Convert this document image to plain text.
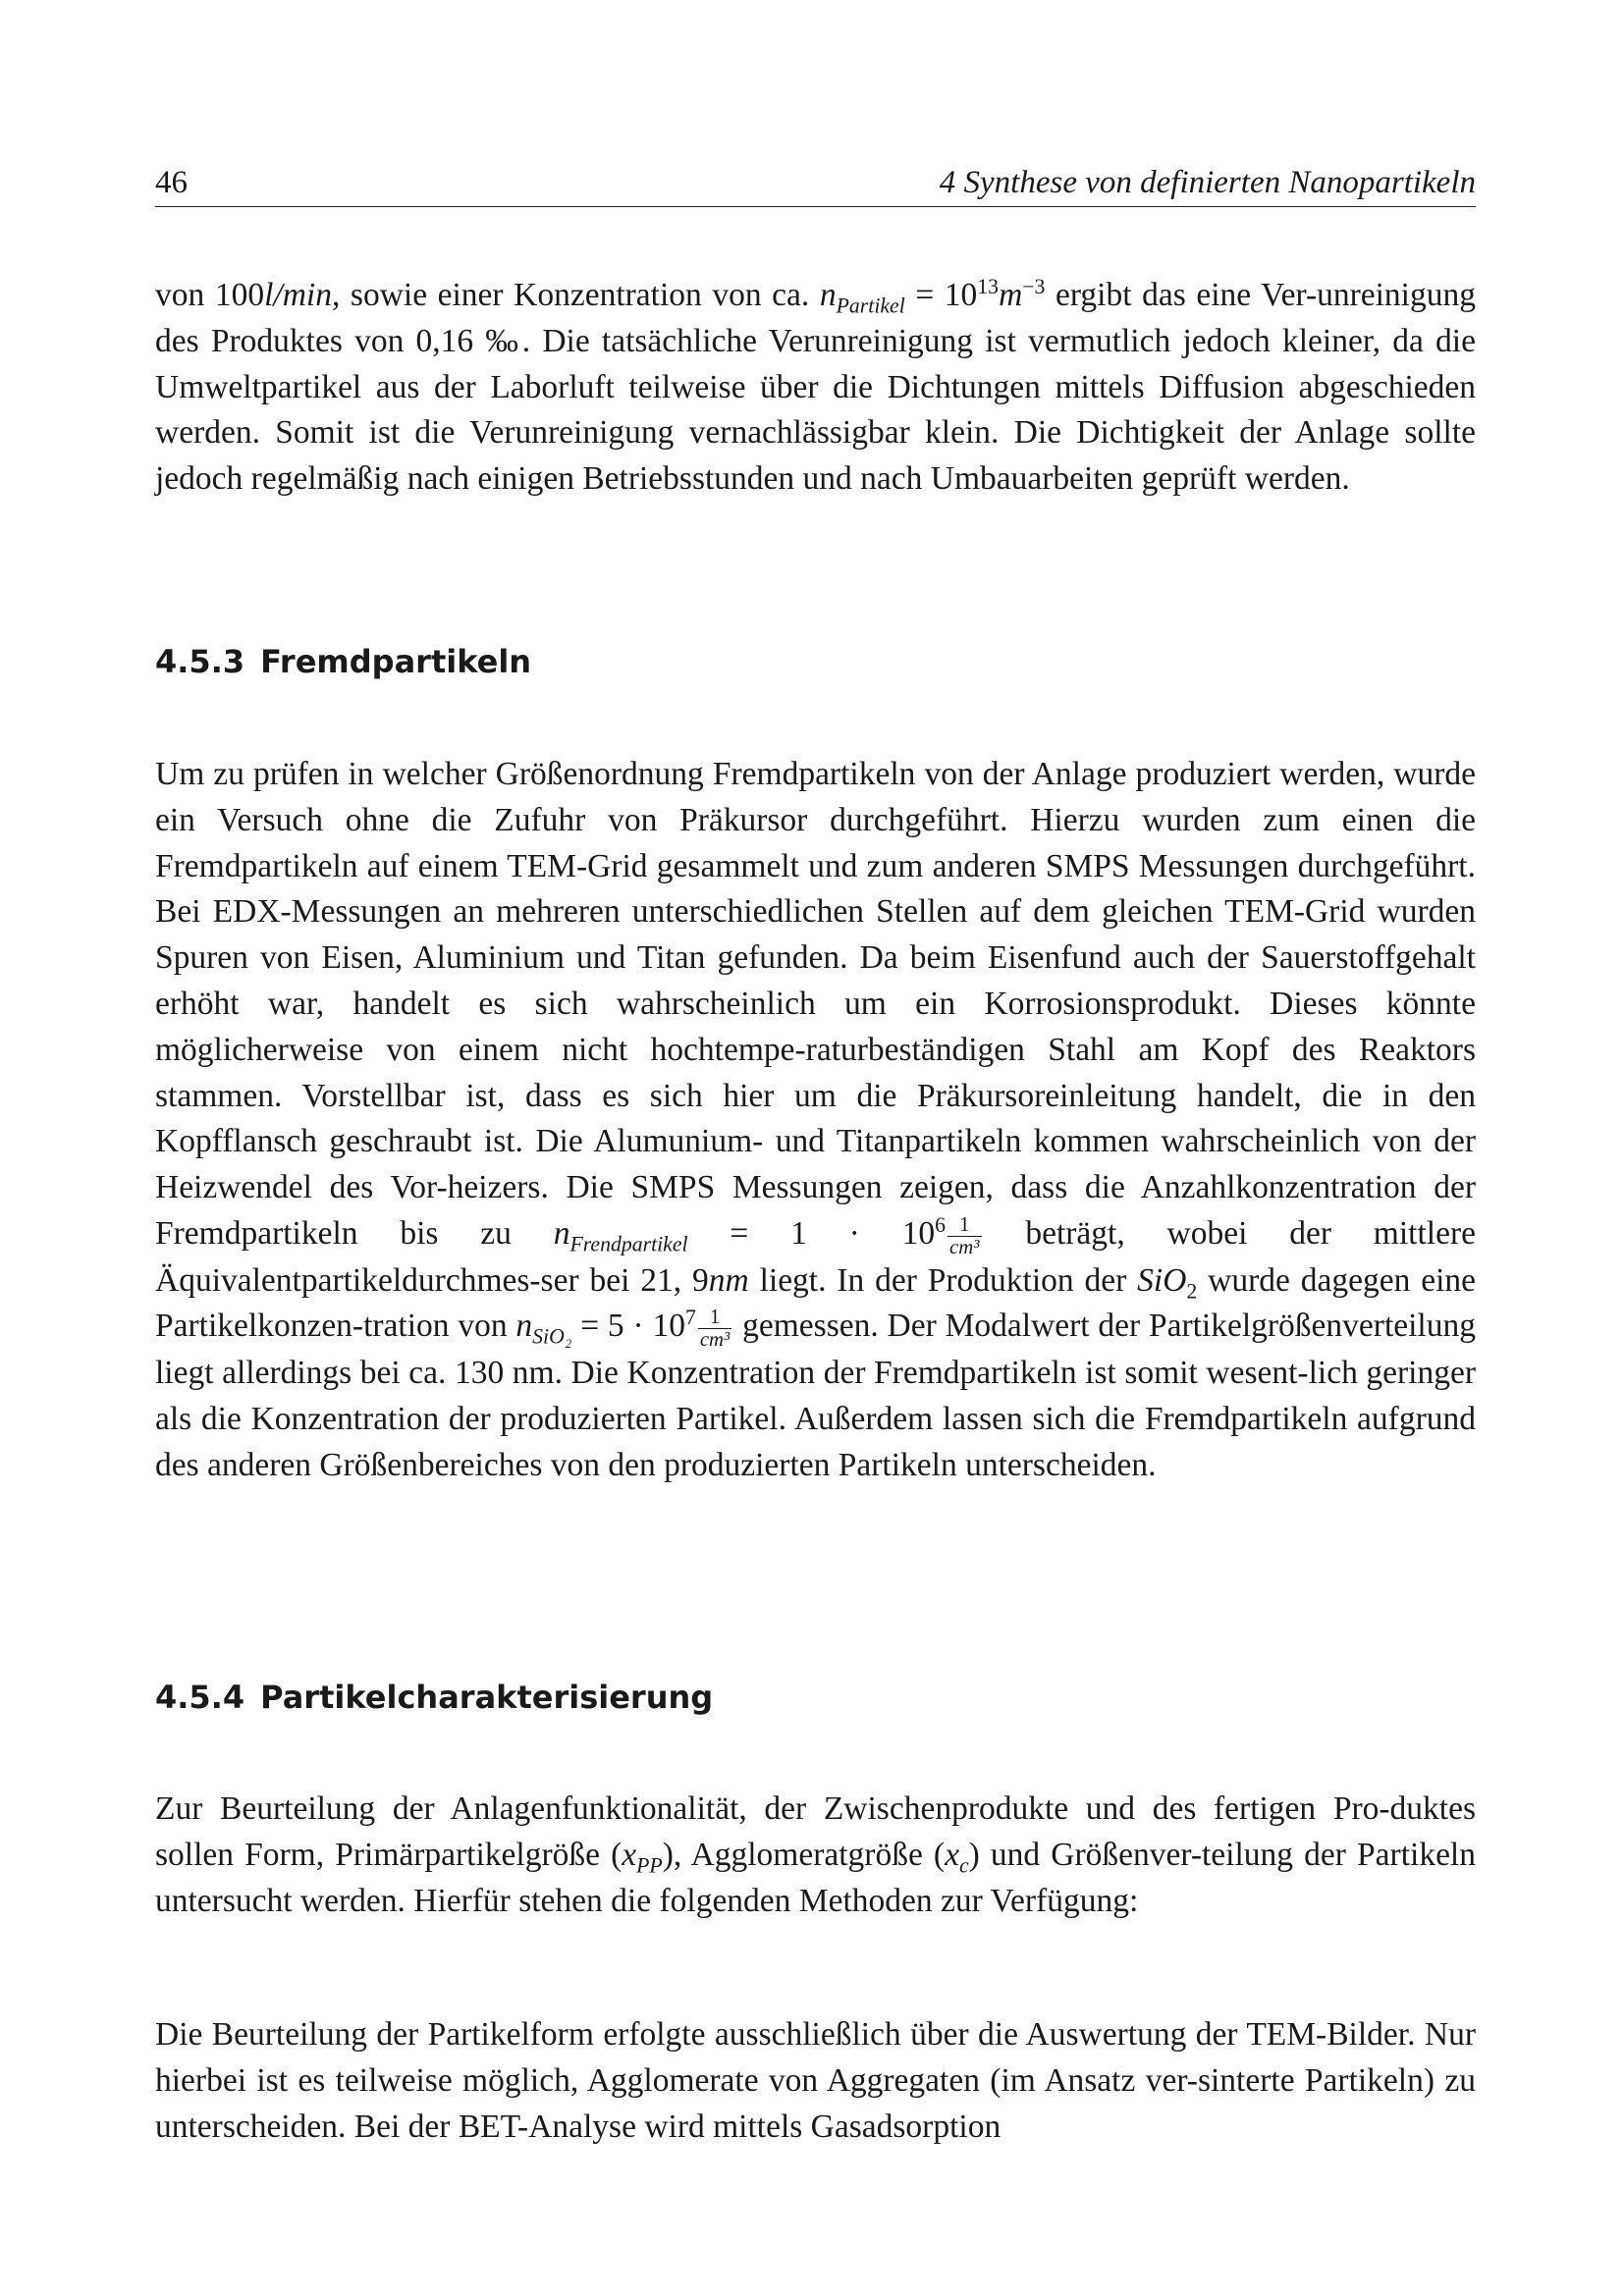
46	4 Synthese von definierten Nanopartikeln

von 100l/min, sowie einer Konzentration von ca. $n_{Partikel} = 10^{13}m^{-3}$ ergibt das eine Ver-unreinigung des Produktes von 0,16 ‰. Die tatsächliche Verunreinigung ist vermutlich jedoch kleiner, da die Umweltpartikel aus der Laborluft teilweise über die Dichtungen mittels Diffusion abgeschieden werden. Somit ist die Verunreinigung vernachlässigbar klein. Die Dichtigkeit der Anlage sollte jedoch regelmäßig nach einigen Betriebsstunden und nach Umbauarbeiten geprüft werden.

4.5.3 Fremdpartikeln

Um zu prüfen in welcher Größenordnung Fremdpartikeln von der Anlage produziert werden, wurde ein Versuch ohne die Zufuhr von Präkursor durchgeführt. Hierzu wurden zum einen die Fremdpartikeln auf einem TEM-Grid gesammelt und zum anderen SMPS Messungen durchgeführt. Bei EDX-Messungen an mehreren unterschiedlichen Stellen auf dem gleichen TEM-Grid wurden Spuren von Eisen, Aluminium und Titan gefunden. Da beim Eisenfund auch der Sauerstoffgehalt erhöht war, handelt es sich wahrscheinlich um ein Korrosionsprodukt. Dieses könnte möglicherweise von einem nicht hochtempe-raturbeständigen Stahl am Kopf des Reaktors stammen. Vorstellbar ist, dass es sich hier um die Präkursoreinleitung handelt, die in den Kopfflansch geschraubt ist. Die Alumunium- und Titanpartikeln kommen wahrscheinlich von der Heizwendel des Vor-heizers. Die SMPS Messungen zeigen, dass die Anzahlkonzentration der Fremdpartikeln bis zu $n_{Frendpartikel} = 1 \cdot 10^6 \frac{1}{\text{cm³}}$ beträgt, wobei der mittlere Äquivalentpartikeldurchmes-ser bei 21, 9nm liegt. In der Produktion der SiO$_2$ wurde dagegen eine Partikelkonzen-tration von $n_{SiO_2} = 5 \cdot 10^7 \frac{1}{\text{cm³}}$ gemessen. Der Modalwert der Partikelgrößenverteilung liegt allerdings bei ca. 130 nm. Die Konzentration der Fremdpartikeln ist somit wesent-lich geringer als die Konzentration der produzierten Partikel. Außerdem lassen sich die Fremdpartikeln aufgrund des anderen Größenbereiches von den produzierten Partikeln unterscheiden.

4.5.4 Partikelcharakterisierung

Zur Beurteilung der Anlagenfunktionalität, der Zwischenprodukte und des fertigen Pro-duktes sollen Form, Primärpartikelgröße $(x_{PP})$, Agglomeratgröße $(x_c)$ und Größenver-teilung der Partikeln untersucht werden. Hierfür stehen die folgenden Methoden zur Verfügung:

Die Beurteilung der Partikelform erfolgte ausschließlich über die Auswertung der TEM-Bilder. Nur hierbei ist es teilweise möglich, Agglomerate von Aggregaten (im Ansatz ver-sinterte Partikeln) zu unterscheiden. Bei der BET-Analyse wird mittels Gasadsorption
